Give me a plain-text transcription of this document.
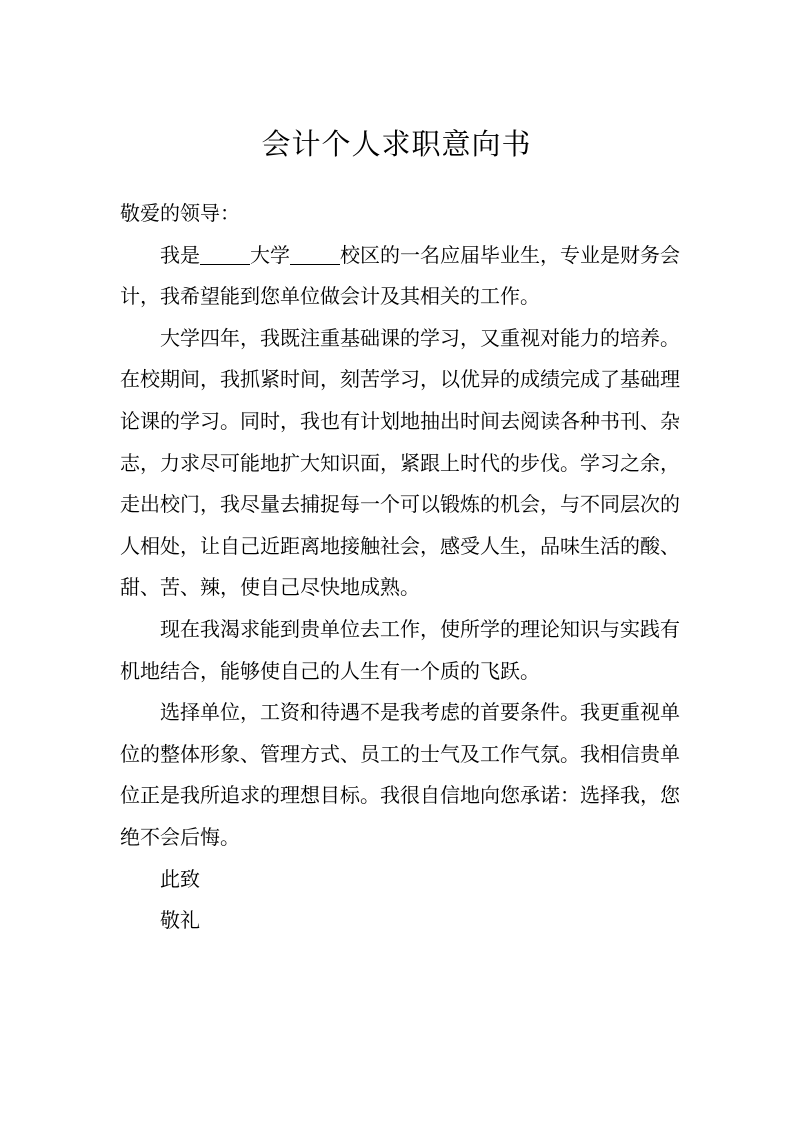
会计个人求职意向书

敬爱的领导：

我是	大学	校区的一名应届毕业生，专业是财务会计，我希望能到您单位做会计及其相关的工作。

大学四年，我既注重基础课的学习，又重视对能力的培养。在校期间，我抓紧时间，刻苦学习，以优异的成绩完成了基础理论课的学习。同时，我也有计划地抽出时间去阅读各种书刊、杂志，力求尽可能地扩大知识面，紧跟上时代的步伐。学习之余，走出校门，我尽量去捕捉每一个可以锻炼的机会，与不同层次的人相处，让自己近距离地接触社会，感受人生，品味生活的酸、甜、苦、辣，使自己尽快地成熟。

现在我渴求能到贵单位去工作，使所学的理论知识与实践有机地结合，能够使自己的人生有一个质的飞跃。

选择单位，工资和待遇不是我考虑的首要条件。我更重视单位的整体形象、管理方式、员工的士气及工作气氛。我相信贵单位正是我所追求的理想目标。我很自信地向您承诺：选择我，您绝不会后悔。

此致

敬礼
